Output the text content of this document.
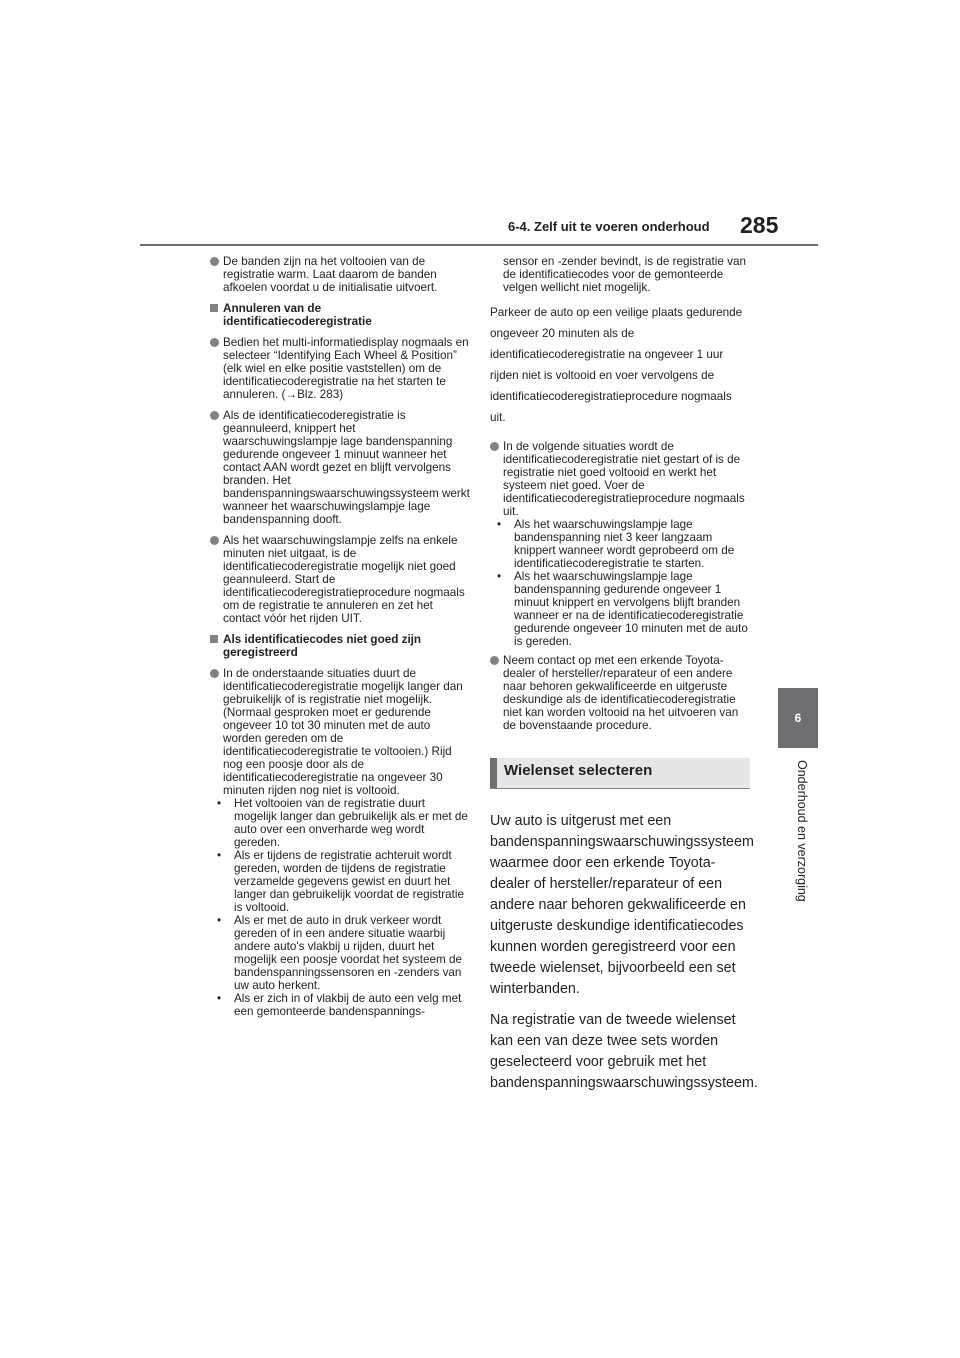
6-4. Zelf uit te voeren onderhoud 285
6
Onderhoud en verzorging
De banden zijn na het voltooien van de registratie warm. Laat daarom de banden afkoelen voordat u de initialisatie uitvoert.
Annuleren van de identificatiecoderegistratie
Bedien het multi-informatiedisplay nogmaals en selecteer “Identifying Each Wheel & Position” (elk wiel en elke positie vaststellen) om de identificatiecoderegistratie na het starten te annuleren. (→Blz. 283)
Als de identificatiecoderegistratie is geannuleerd, knippert het waarschuwingslampje lage bandenspanning gedurende ongeveer 1 minuut wanneer het contact AAN wordt gezet en blijft vervolgens branden. Het bandenspanningswaarschuwingssysteem werkt wanneer het waarschuwingslampje lage bandenspanning dooft.
Als het waarschuwingslampje zelfs na enkele minuten niet uitgaat, is de identificatiecoderegistratie mogelijk niet goed geannuleerd. Start de identificatiecoderegistratieprocedure nogmaals om de registratie te annuleren en zet het contact vóór het rijden UIT.
Als identificatiecodes niet goed zijn geregistreerd
In de onderstaande situaties duurt de identificatiecoderegistratie mogelijk langer dan gebruikelijk of is registratie niet mogelijk. (Normaal gesproken moet er gedurende ongeveer 10 tot 30 minuten met de auto worden gereden om de identificatiecoderegistratie te voltooien.) Rijd nog een poosje door als de identificatiecoderegistratie na ongeveer 30 minuten rijden nog niet is voltooid.
• Het voltooien van de registratie duurt mogelijk langer dan gebruikelijk als er met de auto over een onverharde weg wordt gereden.
• Als er tijdens de registratie achteruit wordt gereden, worden de tijdens de registratie verzamelde gegevens gewist en duurt het langer dan gebruikelijk voordat de registratie is voltooid.
• Als er met de auto in druk verkeer wordt gereden of in een andere situatie waarbij andere auto's vlakbij u rijden, duurt het mogelijk een poosje voordat het systeem de bandenspanningssensoren en -zenders van uw auto herkent.
• Als er zich in of vlakbij de auto een velg met een gemonteerde bandenspannings-
sensor en -zender bevindt, is de registratie van de identificatiecodes voor de gemonteerde velgen wellicht niet mogelijk.
Parkeer de auto op een veilige plaats gedurende ongeveer 20 minuten als de identificatiecoderegistratie na ongeveer 1 uur rijden niet is voltooid en voer vervolgens de identificatiecoderegistratieprocedure nogmaals uit.
In de volgende situaties wordt de identificatiecoderegistratie niet gestart of is de registratie niet goed voltooid en werkt het systeem niet goed. Voer de identificatiecoderegistratieprocedure nogmaals uit.
• Als het waarschuwingslampje lage bandenspanning niet 3 keer langzaam knippert wanneer wordt geprobeerd om de identificatiecoderegistratie te starten.
• Als het waarschuwingslampje lage bandenspanning gedurende ongeveer 1 minuut knippert en vervolgens blijft branden wanneer er na de identificatiecoderegistratie gedurende ongeveer 10 minuten met de auto is gereden.
Neem contact op met een erkende Toyota-dealer of hersteller/reparateur of een andere naar behoren gekwalificeerde en uitgeruste deskundige als de identificatiecoderegistratie niet kan worden voltooid na het uitvoeren van de bovenstaande procedure.
Wielenset selecteren
Uw auto is uitgerust met een bandenspanningswaarschuwingssysteem waarmee door een erkende Toyota-dealer of hersteller/reparateur of een andere naar behoren gekwalificeerde en uitgeruste deskundige identificatiecodes kunnen worden geregistreerd voor een tweede wielenset, bijvoorbeeld een set winterbanden.
Na registratie van de tweede wielenset kan een van deze twee sets worden geselecteerd voor gebruik met het bandenspanningswaarschuwingssysteem.
